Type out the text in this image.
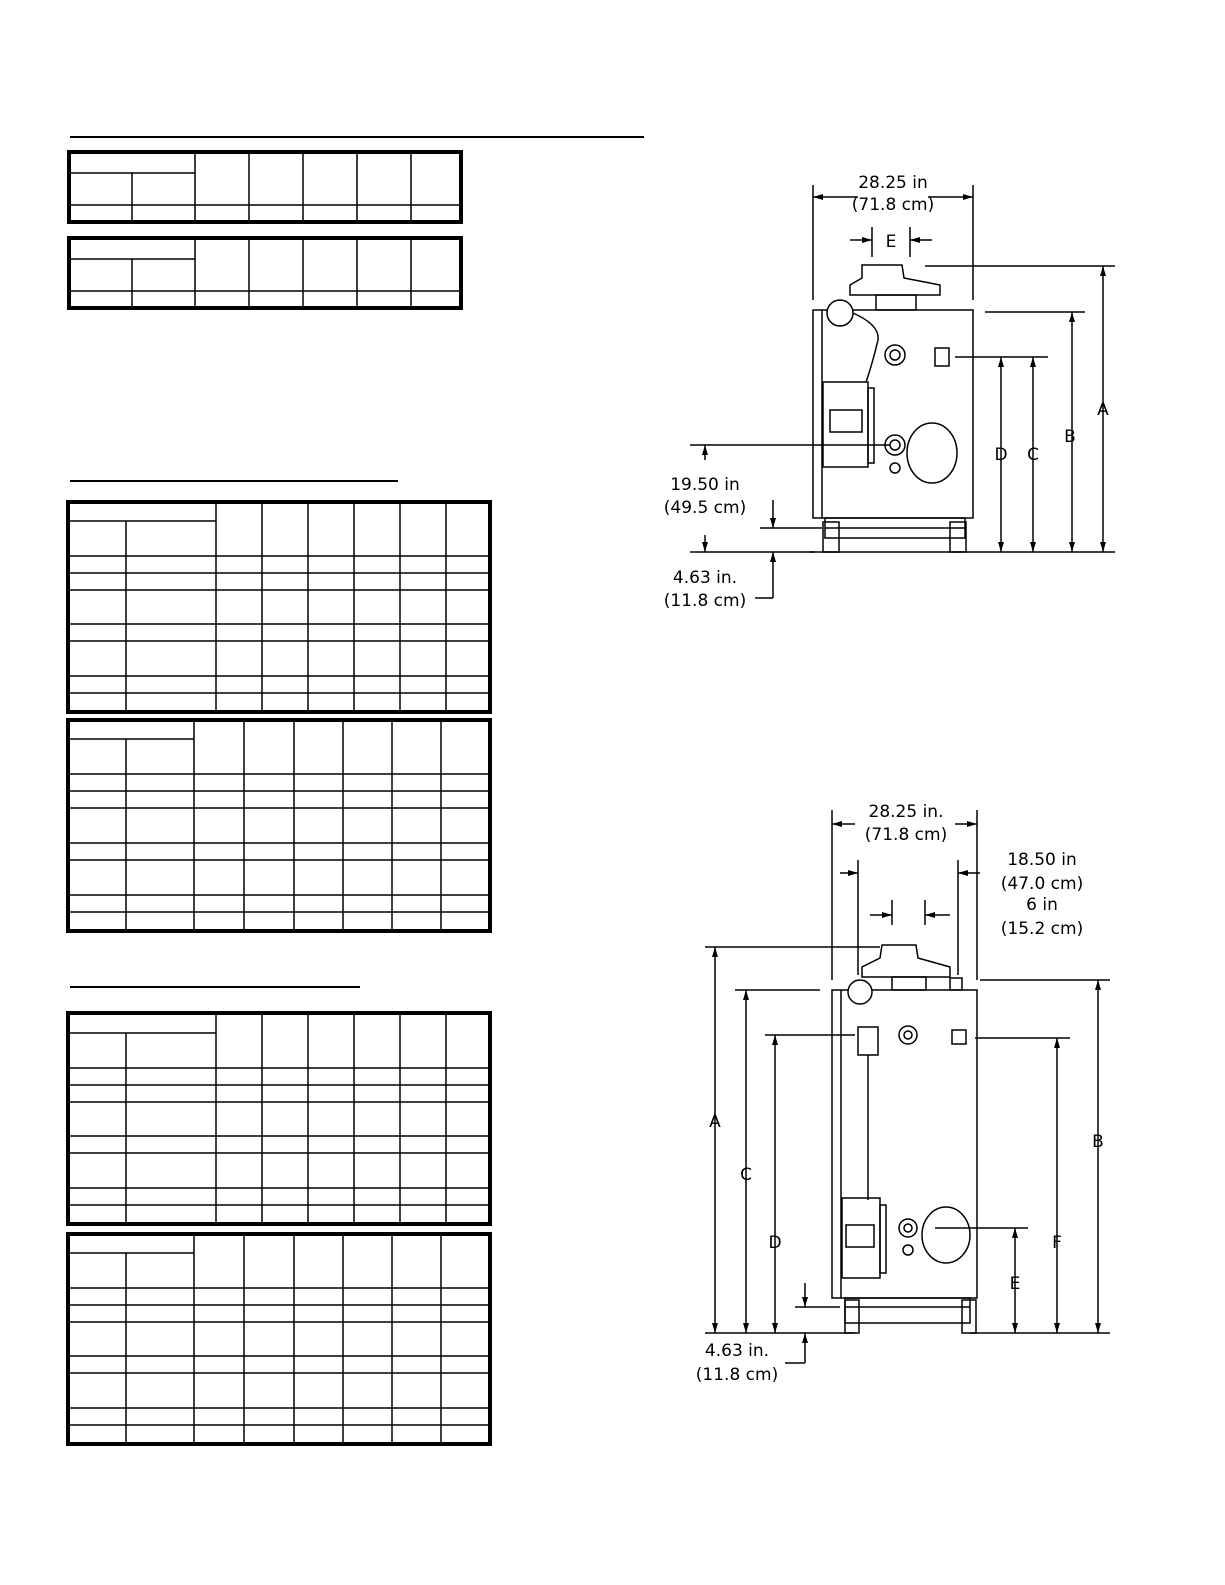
28.25 in
(71.8 cm)
E
A
B
C
D
19.50 in
(49.5 cm)
4.63 in.
(11.8 cm)
28.25 in.
(71.8 cm)
18.50 in
(47.0 cm)
6 in
(15.2 cm)
A
C
D
B
F
E
4.63 in.
(11.8 cm)
